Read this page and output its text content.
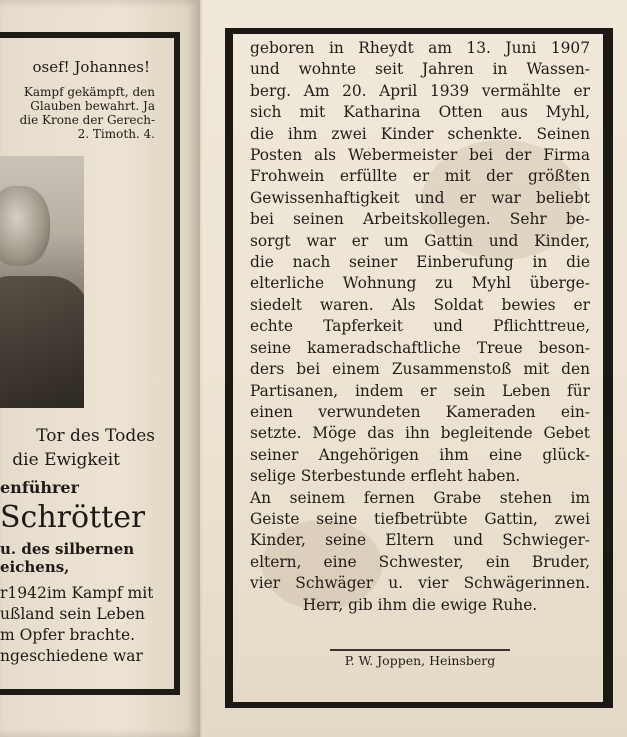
osef! Johannes!
Kampf gekämpft, den
Glauben bewahrt. Ja
die Krone der Gerech-
2. Timoth. 4.
Tor des Todes
die Ewigkeit
enführer
Schrötter
u. des silbernen
eichens,
r1942im Kampf mit
ußland sein Leben
m Opfer brachte.
ngeschiedene war
geboren in Rheydt am 13. Juni 1907
und wohnte seit Jahren in Wassen-
berg. Am 20. April 1939 vermählte er
sich mit Katharina Otten aus Myhl,
die ihm zwei Kinder schenkte. Seinen
Posten als Webermeister bei der Firma
Frohwein erfüllte er mit der größten
Gewissenhaftigkeit und er war beliebt
bei seinen Arbeitskollegen. Sehr be-
sorgt war er um Gattin und Kinder,
die nach seiner Einberufung in die
elterliche Wohnung zu Myhl überge-
siedelt waren. Als Soldat bewies er
echte Tapferkeit und Pflichttreue,
seine kameradschaftliche Treue beson-
ders bei einem Zusammenstoß mit den
Partisanen, indem er sein Leben für
einen verwundeten Kameraden ein-
setzte. Möge das ihn begleitende Gebet
seiner Angehörigen ihm eine glück-
selige Sterbestunde erfleht haben.
An seinem fernen Grabe stehen im
Geiste seine tiefbetrübte Gattin, zwei
Kinder, seine Eltern und Schwieger-
eltern, eine Schwester, ein Bruder,
vier Schwäger u. vier Schwägerinnen.
Herr, gib ihm die ewige Ruhe.
P. W. Joppen, Heinsberg
